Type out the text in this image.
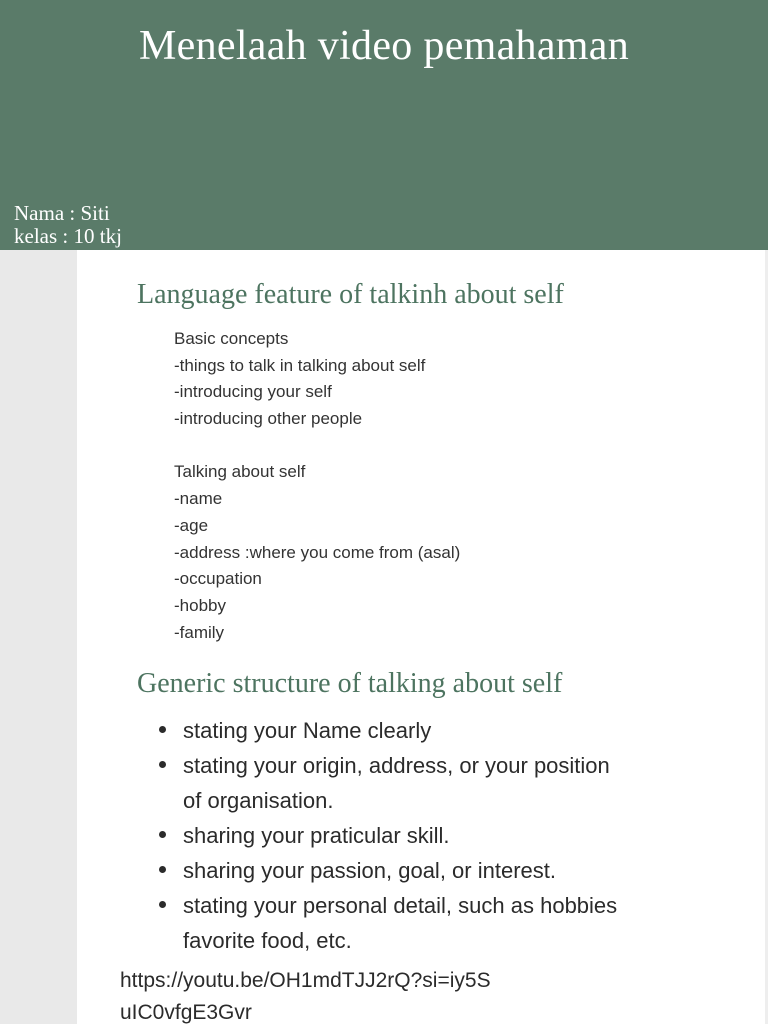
Menelaah video pemahaman
Nama : Siti
kelas : 10 tkj
Language feature of talkinh about self
Basic concepts
-things to talk in talking about self
-introducing your self
-introducing other people
Talking about self
-name
-age
-address :where you come from (asal)
-occupation
-hobby
-family
Generic structure of talking about self
stating your Name clearly
stating your origin, address, or your position of organisation.
sharing your praticular skill.
sharing your passion, goal, or interest.
stating your personal detail, such as hobbies favorite food, etc.
https://youtu.be/OH1mdTJJ2rQ?si=iy5SuIC0vfgE3Gvr
